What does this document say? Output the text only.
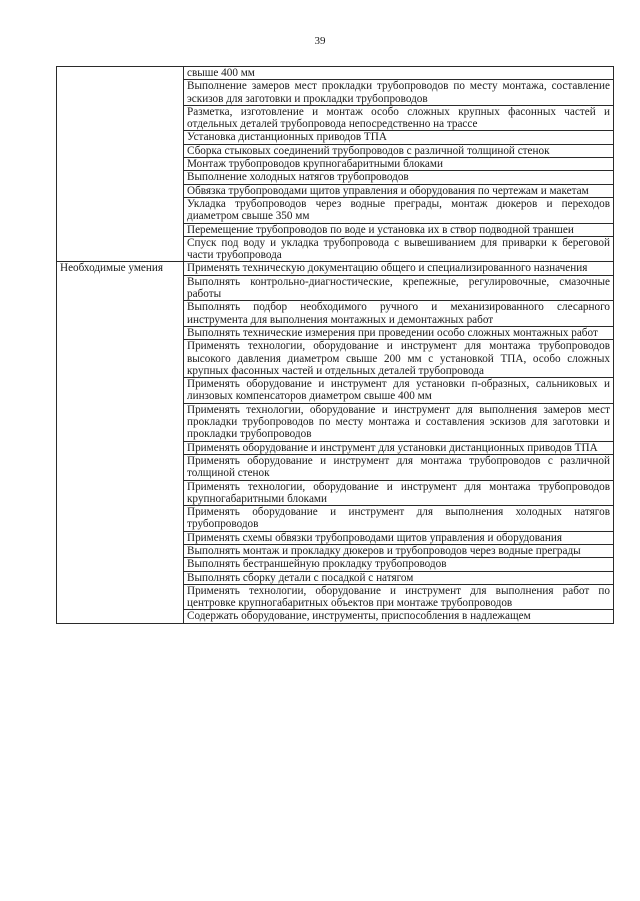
39

	свыше 400 мм

	Выполнение замеров мест прокладки трубопроводов по месту монтажа, составление эскизов для заготовки и прокладки трубопроводов

	Разметка, изготовление и монтаж особо сложных крупных фасонных частей и отдельных деталей трубопровода непосредственно на трассе

	Установка дистанционных приводов ТПА

	Сборка стыковых соединений трубопроводов с различной толщиной стенок

	Монтаж трубопроводов крупногабаритными блоками

	Выполнение холодных натягов трубопроводов

	Обвязка трубопроводами щитов управления и оборудования по чертежам и макетам

	Укладка трубопроводов через водные преграды, монтаж дюкеров и переходов диаметром свыше 350 мм

	Перемещение трубопроводов по воде и установка их в створ подводной траншеи

	Спуск под воду и укладка трубопровода с вывешиванием для приварки к береговой части трубопровода

Необходимые умения	Применять техническую документацию общего и специализированного назначения

	Выполнять контрольно-диагностические, крепежные, регулировочные, смазочные работы

	Выполнять подбор необходимого ручного и механизированного слесарного инструмента для выполнения монтажных и демонтажных работ

	Выполнять технические измерения при проведении особо сложных монтажных работ

	Применять технологии, оборудование и инструмент для монтажа трубопроводов высокого давления диаметром свыше 200 мм с установкой ТПА, особо сложных крупных фасонных частей и отдельных деталей трубопровода

	Применять оборудование и инструмент для установки п-образных, сальниковых и линзовых компенсаторов диаметром свыше 400 мм

	Применять технологии, оборудование и инструмент для выполнения замеров мест прокладки трубопроводов по месту монтажа и составления эскизов для заготовки и прокладки трубопроводов

	Применять оборудование и инструмент для установки дистанционных приводов ТПА

	Применять оборудование и инструмент для монтажа трубопроводов с различной толщиной стенок

	Применять технологии, оборудование и инструмент для монтажа трубопроводов крупногабаритными блоками

	Применять оборудование и инструмент для выполнения холодных натягов трубопроводов

	Применять схемы обвязки трубопроводами щитов управления и оборудования

	Выполнять монтаж и прокладку дюкеров и трубопроводов через водные преграды

	Выполнять бестраншейную прокладку трубопроводов

	Выполнять сборку детали с посадкой с натягом

	Применять технологии, оборудование и инструмент для выполнения работ по центровке крупногабаритных объектов при монтаже трубопроводов

	Содержать оборудование, инструменты, приспособления в надлежащем
